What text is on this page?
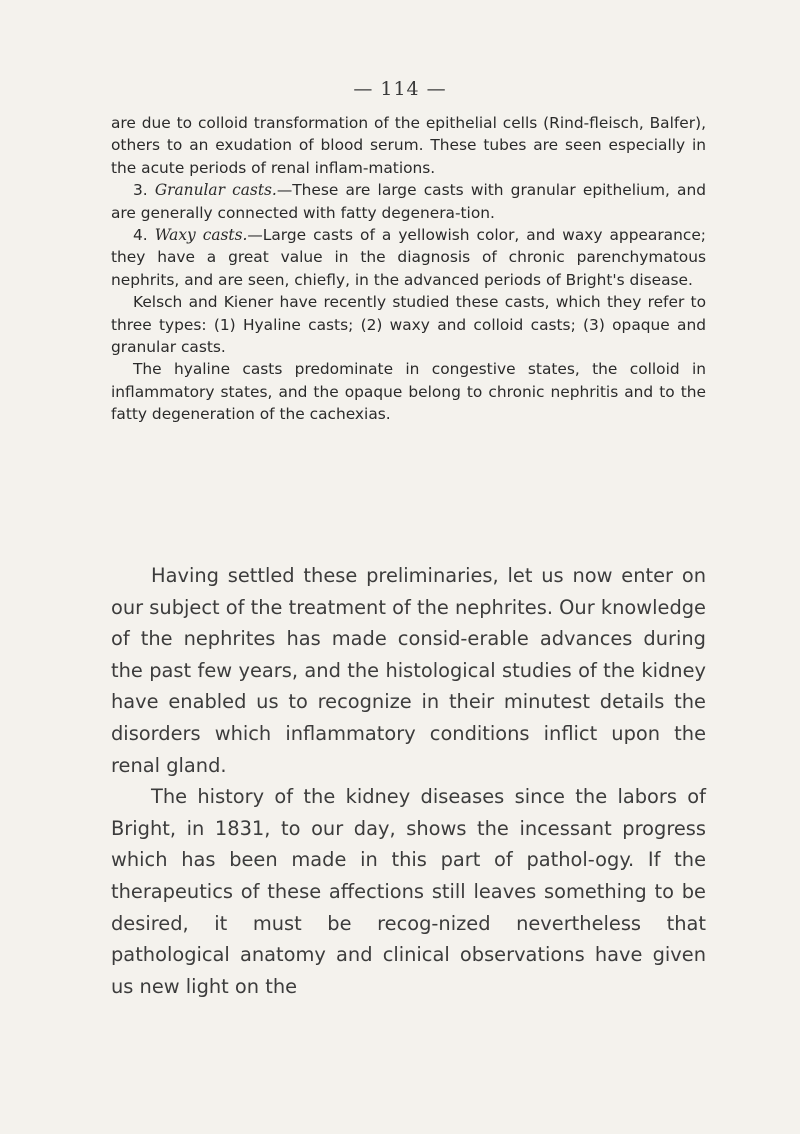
— 114 —

are due to colloid transformation of the epithelial cells (Rind-fleisch, Balfer), others to an exudation of blood serum. These tubes are seen especially in the acute periods of renal inflam-mations.

3. Granular casts.—These are large casts with granular epithelium, and are generally connected with fatty degenera-tion.

4. Waxy casts.—Large casts of a yellowish color, and waxy appearance; they have a great value in the diagnosis of chronic parenchymatous nephrits, and are seen, chiefly, in the advanced periods of Bright's disease.

Kelsch and Kiener have recently studied these casts, which they refer to three types: (1) Hyaline casts; (2) waxy and colloid casts; (3) opaque and granular casts.

The hyaline casts predominate in congestive states, the colloid in inflammatory states, and the opaque belong to chronic nephritis and to the fatty degeneration of the cachexias.

Having settled these preliminaries, let us now enter on our subject of the treatment of the nephrites. Our knowledge of the nephrites has made consid-erable advances during the past few years, and the histological studies of the kidney have enabled us to recognize in their minutest details the disorders which inflammatory conditions inflict upon the renal gland.

The history of the kidney diseases since the labors of Bright, in 1831, to our day, shows the incessant progress which has been made in this part of pathol-ogy. If the therapeutics of these affections still leaves something to be desired, it must be recog-nized nevertheless that pathological anatomy and clinical observations have given us new light on the
